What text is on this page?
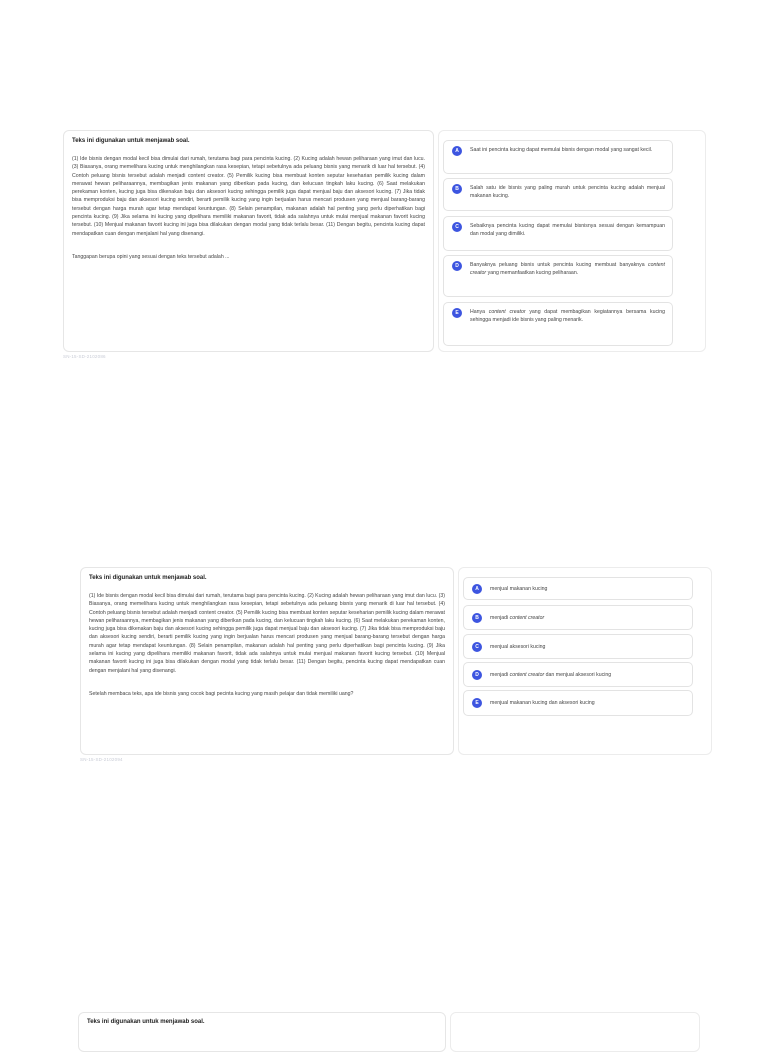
Teks ini digunakan untuk menjawab soal.
(1) Ide bisnis dengan modal kecil bisa dimulai dari rumah, terutama bagi para pencinta kucing. (2) Kucing adalah hewan peliharaan yang imut dan lucu. (3) Biasanya, orang memelihara kucing untuk menghilangkan rasa kesepian, tetapi sebetulnya ada peluang bisnis yang menarik di luar hal tersebut. (4) Contoh peluang bisnis tersebut adalah menjadi content creator. (5) Pemilik kucing bisa membuat konten seputar keseharian pemilik kucing dalam merawat hewan peliharaannya, membagikan jenis makanan yang diberikan pada kucing, dan kelucuan tingkah laku kucing. (6) Saat melakukan perekaman konten, kucing juga bisa dikenakan baju dan aksesori kucing sehingga pemilik juga dapat menjual baju dan aksesori kucing. (7) Jika tidak bisa memproduksi baju dan aksesori kucing sendiri, berarti pemilik kucing yang ingin berjualan harus mencari produsen yang menjual barang-barang tersebut dengan harga murah agar tetap mendapat keuntungan. (8) Selain penampilan, makanan adalah hal penting yang perlu diperhatikan bagi pencinta kucing. (9) Jika selama ini kucing yang dipelihara memiliki makanan favorit, tidak ada salahnya untuk mulai menjual makanan favorit kucing tersebut. (10) Menjual makanan favorit kucing ini juga bisa dilakukan dengan modal yang tidak terlalu besar. (11) Dengan begitu, pencinta kucing dapat mendapatkan cuan dengan menjalani hal yang disenangi.
Tanggapan berupa opini yang sesuai dengan teks tersebut adalah ...
SN-15-SD-2102086
A	Saat ini pencinta kucing dapat memulai bisnis dengan modal yang sangat kecil.
B	Salah satu ide bisnis yang paling murah untuk pencinta kucing adalah menjual makanan kucing.
C	Sebaiknya pencinta kucing dapat memulai bisnisnya sesuai dengan kemampuan dan modal yang dimiliki.
D	Banyaknya peluang bisnis untuk pencinta kucing membuat banyaknya content creator yang memanfaatkan kucing peliharaan.
E	Hanya content creator yang dapat membagikan kegiatannya bersama kucing sehingga menjadi ide bisnis yang paling menarik.
Teks ini digunakan untuk menjawab soal.
(1) Ide bisnis dengan modal kecil bisa dimulai dari rumah, terutama bagi para pencinta kucing. (2) Kucing adalah hewan peliharaan yang imut dan lucu. (3) Biasanya, orang memelihara kucing untuk menghilangkan rasa kesepian, tetapi sebetulnya ada peluang bisnis yang menarik di luar hal tersebut. (4) Contoh peluang bisnis tersebut adalah menjadi content creator. (5) Pemilik kucing bisa membuat konten seputar keseharian pemilik kucing dalam merawat hewan peliharaannya, membagikan jenis makanan yang diberikan pada kucing, dan kelucuan tingkah laku kucing. (6) Saat melakukan perekaman konten, kucing juga bisa dikenakan baju dan aksesori kucing sehingga pemilik juga dapat menjual baju dan aksesori kucing. (7) Jika tidak bisa memproduksi baju dan aksesori kucing sendiri, berarti pemilik kucing yang ingin berjualan harus mencari produsen yang menjual barang-barang tersebut dengan harga murah agar tetap mendapat keuntungan. (8) Selain penampilan, makanan adalah hal penting yang perlu diperhatikan bagi pencinta kucing. (9) Jika selama ini kucing yang dipelihara memiliki makanan favorit, tidak ada salahnya untuk mulai menjual makanan favorit kucing tersebut. (10) Menjual makanan favorit kucing ini juga bisa dilakukan dengan modal yang tidak terlalu besar. (11) Dengan begitu, pencinta kucing dapat mendapatkan cuan dengan menjalani hal yang disenangi.
Setelah membaca teks, apa ide bisnis yang cocok bagi pecinta kucing yang masih pelajar dan tidak memiliki uang?
SN-15-SD-2102094
A	menjual makanan kucing
B	menjadi content creator
C	menjual aksesori kucing
D	menjadi content creator dan menjual aksesori kucing
E	menjual makanan kucing dan aksesori kucing
Teks ini digunakan untuk menjawab soal.
